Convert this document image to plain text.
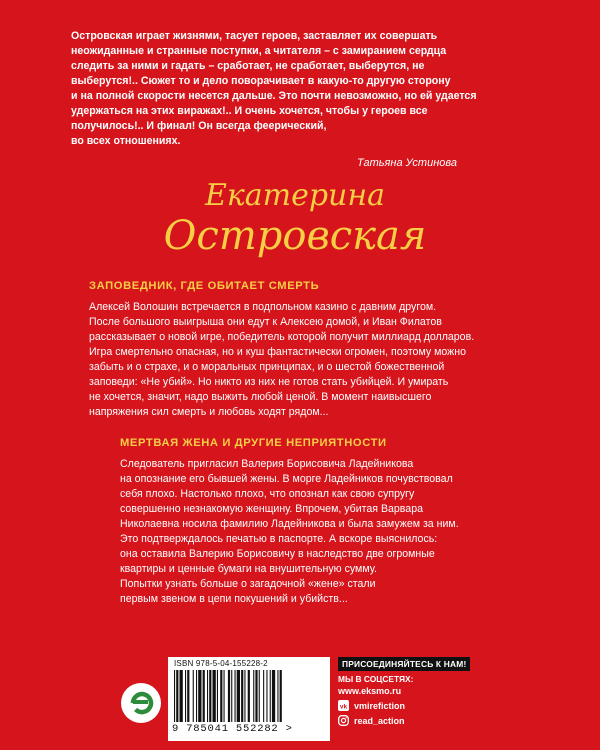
Островская играет жизнями, тасует героев, заставляет их совершать
неожиданные и странные поступки, а читателя – с замиранием сердца
следить за ними и гадать – сработает, не сработает, выберутся, не
выберутся!.. Сюжет то и дело поворачивает в какую-то другую сторону
и на полной скорости несется дальше. Это почти невозможно, но ей удается
удержаться на этих виражах!.. И очень хочется, чтобы у героев все
получилось!.. И финал! Он всегда феерический,
во всех отношениях.
Татьяна Устинова
Екатерина
Островская
ЗАПОВЕДНИК, ГДЕ ОБИТАЕТ СМЕРТЬ
Алексей Волошин встречается в подпольном казино с давним другом.
После большого выигрыша они едут к Алексею домой, и Иван Филатов
рассказывает о новой игре, победитель которой получит миллиард долларов.
Игра смертельно опасная, но и куш фантастически огромен, поэтому можно
забыть и о страхе, и о моральных принципах, и о шестой божественной
заповеди: «Не убий». Но никто из них не готов стать убийцей. И умирать
не хочется, значит, надо выжить любой ценой. В момент наивысшего
напряжения сил смерть и любовь ходят рядом...
МЕРТВАЯ ЖЕНА И ДРУГИЕ НЕПРИЯТНОСТИ
Следователь пригласил Валерия Борисовича Ладейникова
на опознание его бывшей жены. В морге Ладейников почувствовал
себя плохо. Настолько плохо, что опознал как свою супругу
совершенно незнакомую женщину. Впрочем, убитая Варвара
Николаевна носила фамилию Ладейникова и была замужем за ним.
Это подтверждалось печатью в паспорте. А вскоре выяснилось:
она оставила Валерию Борисовичу в наследство две огромные
квартиры и ценные бумаги на внушительную сумму.
Попытки узнать больше о загадочной «жене» стали
первым звеном в цепи покушений и убийств...
ISBN 978-5-04-155228-2
9 785041 552282 >
ПРИСОЕДИНЯЙТЕСЬ К НАМ!
МЫ В СОЦСЕТЯХ:
www.eksmo.ru
vk vmirefiction
read_action
